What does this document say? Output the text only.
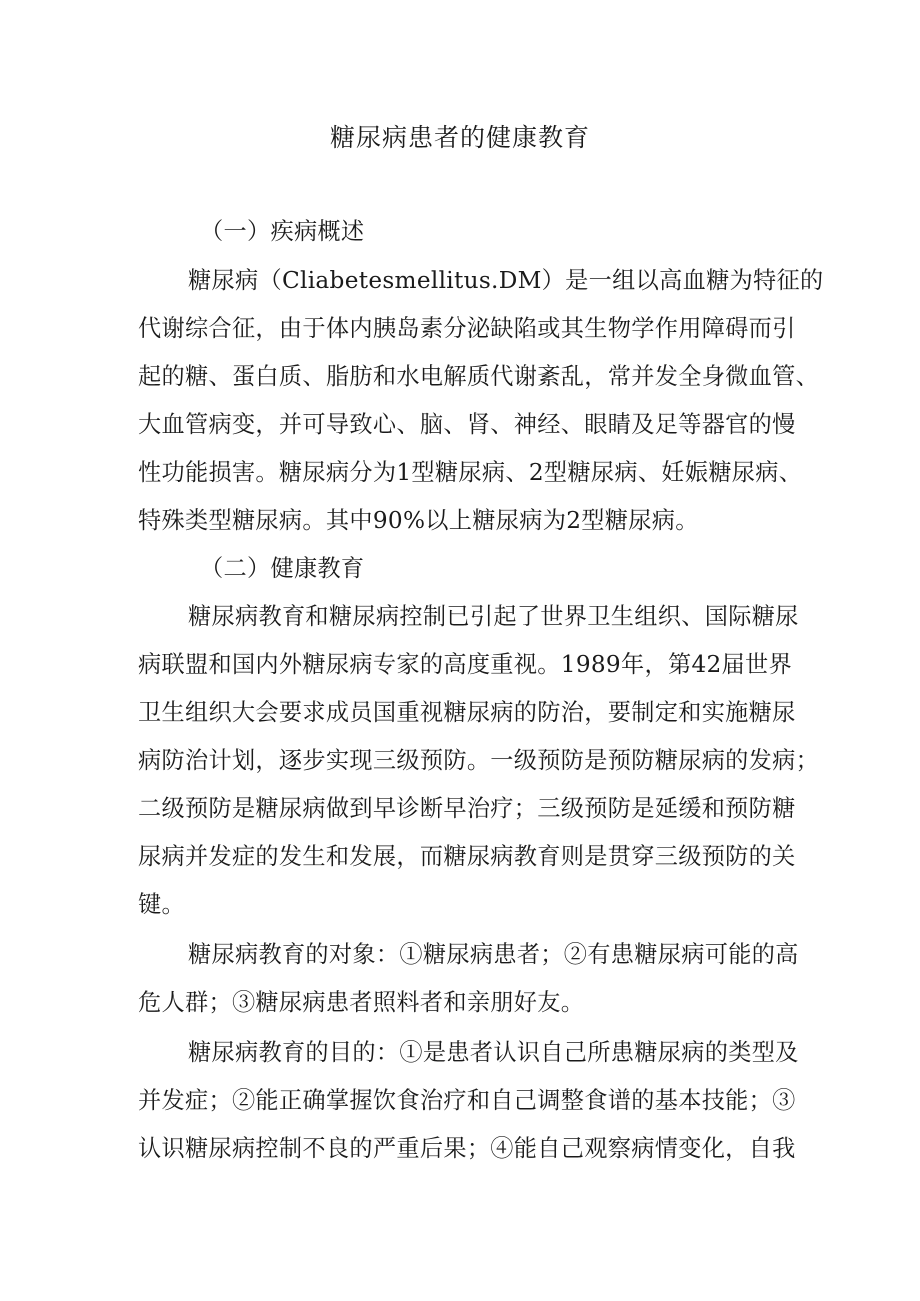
糖尿病患者的健康教育
（一）疾病概述
糖尿病（Cliabetesmellitus.DM）是一组以高血糖为特征的
代谢综合征，由于体内胰岛素分泌缺陷或其生物学作用障碍而引
起的糖、蛋白质、脂肪和水电解质代谢紊乱，常并发全身微血管、
大血管病变，并可导致心、脑、肾、神经、眼睛及足等器官的慢
性功能损害。糖尿病分为1型糖尿病、2型糖尿病、妊娠糖尿病、
特殊类型糖尿病。其中90%以上糖尿病为2型糖尿病。
（二）健康教育
糖尿病教育和糖尿病控制已引起了世界卫生组织、国际糖尿
病联盟和国内外糖尿病专家的高度重视。1989年，第42届世界
卫生组织大会要求成员国重视糖尿病的防治，要制定和实施糖尿
病防治计划，逐步实现三级预防。一级预防是预防糖尿病的发病；
二级预防是糖尿病做到早诊断早治疗；三级预防是延缓和预防糖
尿病并发症的发生和发展，而糖尿病教育则是贯穿三级预防的关
键。
糖尿病教育的对象：①糖尿病患者；②有患糖尿病可能的高
危人群；③糖尿病患者照料者和亲朋好友。
糖尿病教育的目的：①是患者认识自己所患糖尿病的类型及
并发症；②能正确掌握饮食治疗和自己调整食谱的基本技能；③
认识糖尿病控制不良的严重后果；④能自己观察病情变化，自我
